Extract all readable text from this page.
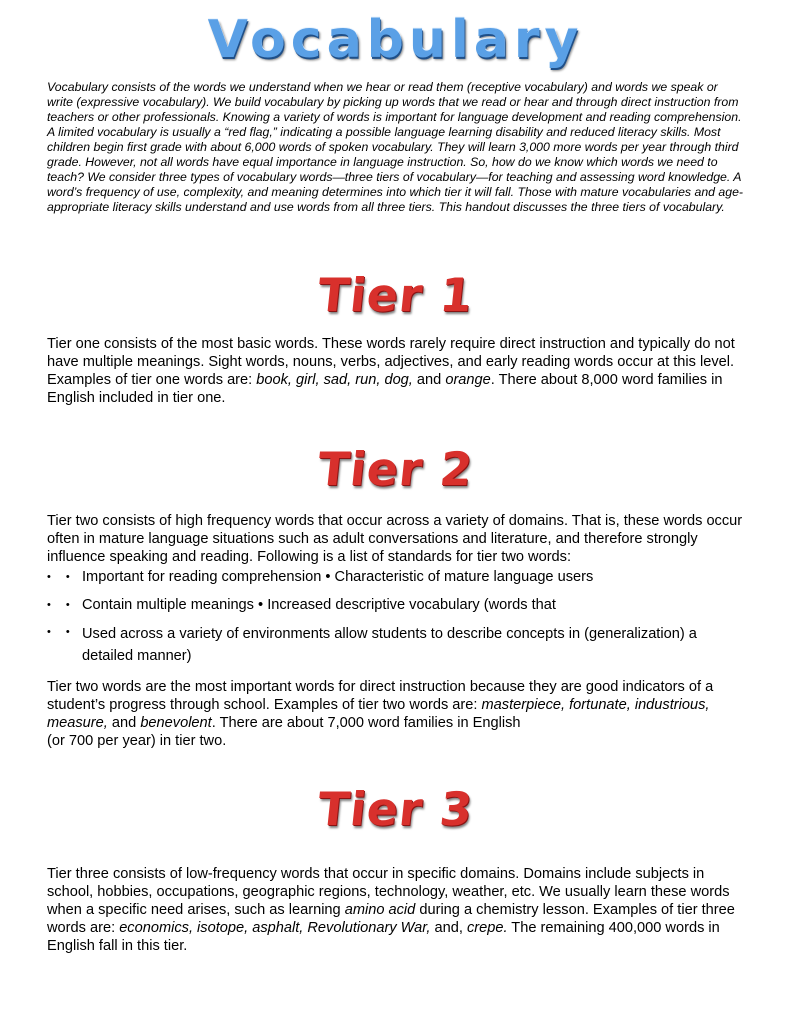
Vocabulary
Vocabulary consists of the words we understand when we hear or read them (receptive vocabulary) and words we speak or write (expressive vocabulary). We build vocabulary by picking up words that we read or hear and through direct instruction from teachers or other professionals. Knowing a variety of words is important for language development and reading comprehension. A limited vocabulary is usually a “red flag,” indicating a possible language learning disability and reduced literacy skills. Most children begin first grade with about 6,000 words of spoken vocabulary. They will learn 3,000 more words per year through third grade. However, not all words have equal importance in language instruction. So, how do we know which words we need to teach? We consider three types of vocabulary words—three tiers of vocabulary—for teaching and assessing word knowledge. A word’s frequency of use, complexity, and meaning determines into which tier it will fall. Those with mature vocabularies and age-appropriate literacy skills understand and use words from all three tiers. This handout discusses the three tiers of vocabulary.
Tier 1
Tier one consists of the most basic words. These words rarely require direct instruction and typically do not have multiple meanings. Sight words, nouns, verbs, adjectives, and early reading words occur at this level. Examples of tier one words are: book, girl, sad, run, dog, and orange. There about 8,000 word families in English included in tier one.
Tier 2
Tier two consists of high frequency words that occur across a variety of domains. That is, these words occur often in mature language situations such as adult conversations and literature, and therefore strongly influence speaking and reading. Following is a list of standards for tier two words:
• • Important for reading comprehension • Characteristic of mature language users
• • Contain multiple meanings • Increased descriptive vocabulary (words that
• • Used across a variety of environments allow students to describe concepts in (generalization) a detailed manner)
Tier two words are the most important words for direct instruction because they are good indicators of a student’s progress through school. Examples of tier two words are: masterpiece, fortunate, industrious, measure, and benevolent. There are about 7,000 word families in English
(or 700 per year) in tier two.
Tier 3
Tier three consists of low-frequency words that occur in specific domains. Domains include subjects in school, hobbies, occupations, geographic regions, technology, weather, etc. We usually learn these words when a specific need arises, such as learning amino acid during a chemistry lesson. Examples of tier three words are: economics, isotope, asphalt, Revolutionary War, and, crepe. The remaining 400,000 words in English fall in this tier.
